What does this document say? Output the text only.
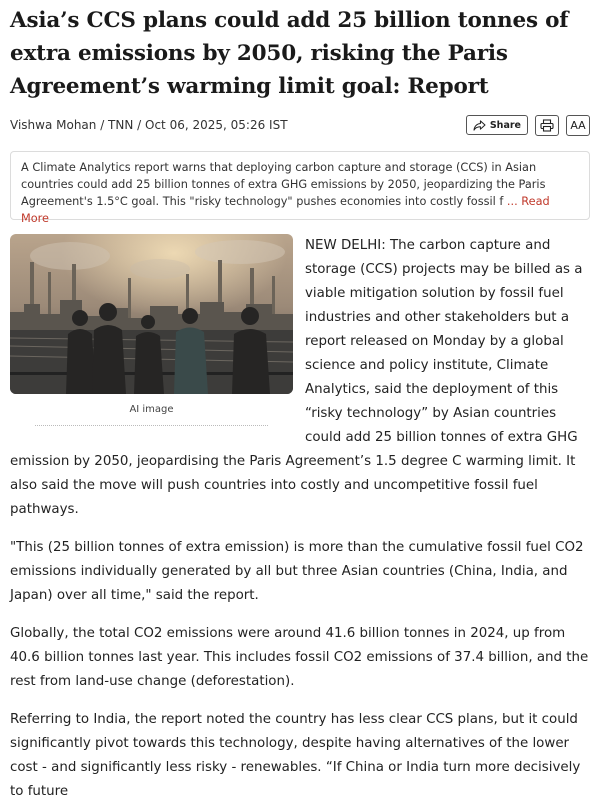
Asia’s CCS plans could add 25 billion tonnes of extra emissions by 2050, risking the Paris Agreement’s warming limit goal: Report
Vishwa Mohan / TNN / Oct 06, 2025, 05:26 IST	Share	AA
A Climate Analytics report warns that deploying carbon capture and storage (CCS) in Asian countries could add 25 billion tonnes of extra GHG emissions by 2050, jeopardizing the Paris Agreement's 1.5°C goal. This "risky technology" pushes economies into costly fossil f ... Read More
AI image

NEW DELHI: The carbon capture and storage (CCS) projects may be billed as a viable mitigation solution by fossil fuel industries and other stakeholders but a report released on Monday by a global science and policy institute, Climate Analytics, said the deployment of this “risky technology” by Asian countries could add 25 billion tonnes of extra GHG emission by 2050, jeopardising the Paris Agreement’s 1.5 degree C warming limit. It also said the move will push countries into costly and uncompetitive fossil fuel pathways.

"This (25 billion tonnes of extra emission) is more than the cumulative fossil fuel CO2 emissions individually generated by all but three Asian countries (China, India, and Japan) over all time," said the report.

Globally, the total CO2 emissions were around 41.6 billion tonnes in 2024, up from 40.6 billion tonnes last year. This includes fossil CO2 emissions of 37.4 billion, and the rest from land-use change (deforestation).

Referring to India, the report noted the country has less clear CCS plans, but it could significantly pivot towards this technology, despite having alternatives of the lower cost - and significantly less risky - renewables. “If China or India turn more decisively to future
